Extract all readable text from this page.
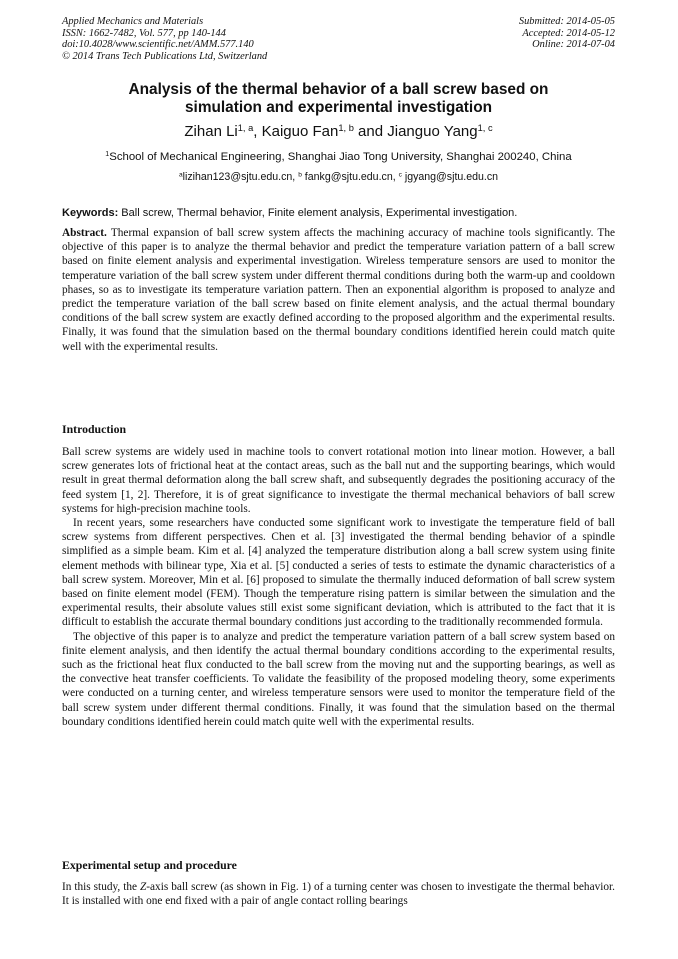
Applied Mechanics and Materials
ISSN: 1662-7482, Vol. 577, pp 140-144
doi:10.4028/www.scientific.net/AMM.577.140
© 2014 Trans Tech Publications Ltd, Switzerland
Submitted: 2014-05-05
Accepted: 2014-05-12
Online: 2014-07-04
Analysis of the thermal behavior of a ball screw based on
simulation and experimental investigation
Zihan Li$^{1, a}$, Kaiguo Fan$^{1, b}$ and Jianguo Yang$^{1, c}$
$^1$School of Mechanical Engineering, Shanghai Jiao Tong University, Shanghai 200240, China
$^a$lizihan123@sjtu.edu.cn, $^b$ fankg@sjtu.edu.cn, $^c$ jgyang@sjtu.edu.cn
Keywords: Ball screw, Thermal behavior, Finite element analysis, Experimental investigation.
Abstract. Thermal expansion of ball screw system affects the machining accuracy of machine tools significantly. The objective of this paper is to analyze the thermal behavior and predict the temperature variation pattern of a ball screw based on finite element analysis and experimental investigation. Wireless temperature sensors are used to monitor the temperature variation of the ball screw system under different thermal conditions during both the warm-up and cooldown phases, so as to investigate its temperature variation pattern. Then an exponential algorithm is proposed to analyze and predict the temperature variation of the ball screw based on finite element analysis, and the actual thermal boundary conditions of the ball screw system are exactly defined according to the proposed algorithm and the experimental results. Finally, it was found that the simulation based on the thermal boundary conditions identified herein could match quite well with the experimental results.
Introduction

Ball screw systems are widely used in machine tools to convert rotational motion into linear motion. However, a ball screw generates lots of frictional heat at the contact areas, such as the ball nut and the supporting bearings, which would result in great thermal deformation along the ball screw shaft, and subsequently degrades the positioning accuracy of the feed system [1, 2]. Therefore, it is of great significance to investigate the thermal mechanical behaviors of ball screw systems for high-precision machine tools.

In recent years, some researchers have conducted some significant work to investigate the temperature field of ball screw systems from different perspectives. Chen et al. [3] investigated the thermal bending behavior of a spindle simplified as a simple beam. Kim et al. [4] analyzed the temperature distribution along a ball screw system using finite element methods with bilinear type, Xia et al. [5] conducted a series of tests to estimate the dynamic characteristics of a ball screw system. Moreover, Min et al. [6] proposed to simulate the thermally induced deformation of ball screw system based on finite element model (FEM). Though the temperature rising pattern is similar between the simulation and the experimental results, their absolute values still exist some significant deviation, which is attributed to the fact that it is difficult to establish the accurate thermal boundary conditions just according to the traditionally recommended formula.

The objective of this paper is to analyze and predict the temperature variation pattern of a ball screw system based on finite element analysis, and then identify the actual thermal boundary conditions according to the experimental results, such as the frictional heat flux conducted to the ball screw from the moving nut and the supporting bearings, as well as the convective heat transfer coefficients. To validate the feasibility of the proposed modeling theory, some experiments were conducted on a turning center, and wireless temperature sensors were used to monitor the temperature field of the ball screw system under different thermal conditions. Finally, it was found that the simulation based on the thermal boundary conditions identified herein could match quite well with the experimental results.

Experimental setup and procedure

In this study, the Z-axis ball screw (as shown in Fig. 1) of a turning center was chosen to investigate the thermal behavior. It is installed with one end fixed with a pair of angle contact rolling bearings
